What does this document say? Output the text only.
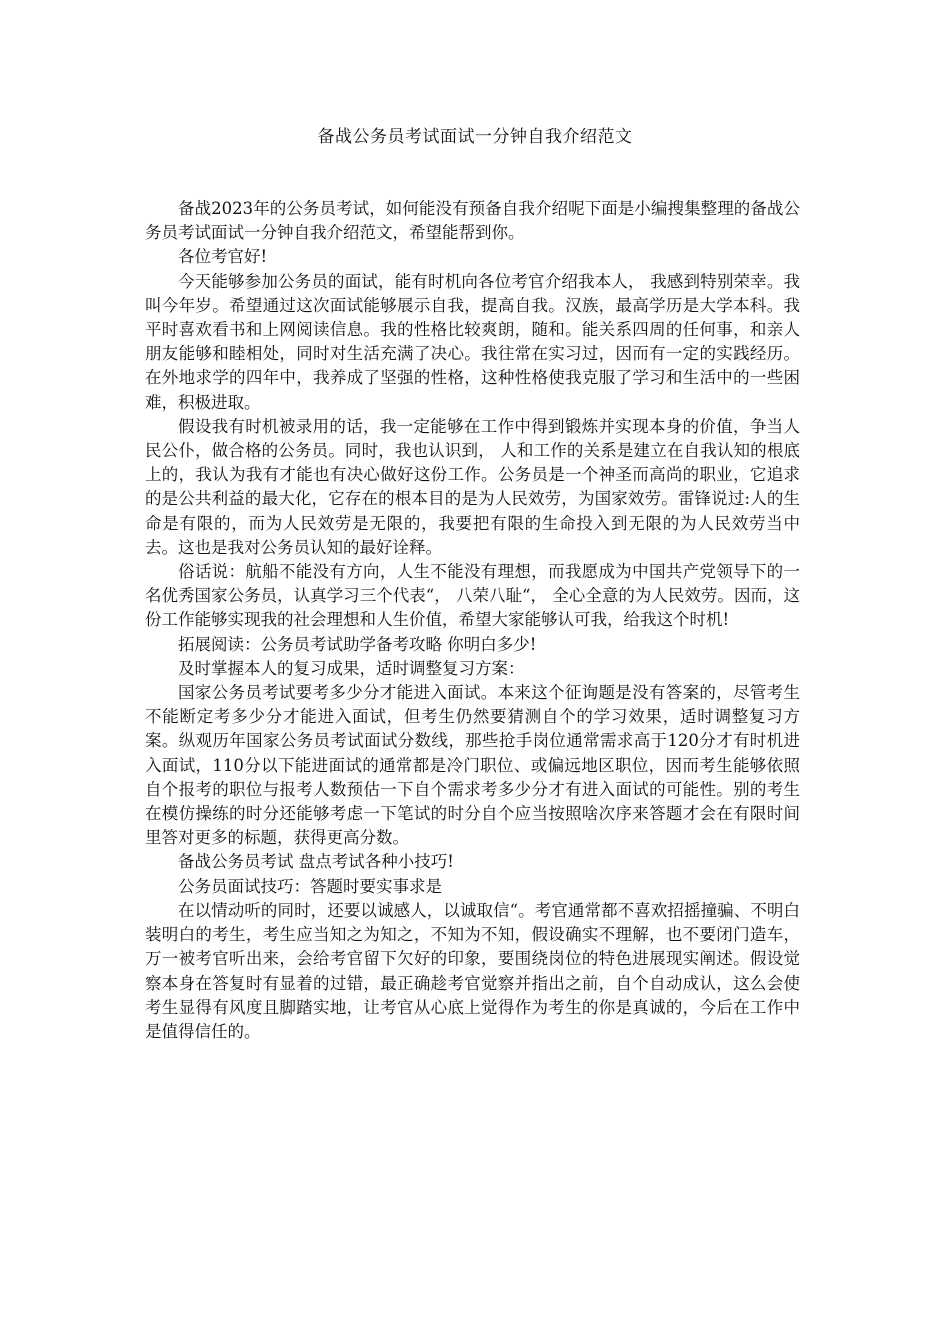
备战公务员考试面试一分钟自我介绍范文

备战2023年的公务员考试，如何能没有预备自我介绍呢下面是小编搜集整理的备战公务员考试面试一分钟自我介绍范文，希望能帮到你。

各位考官好!

今天能够参加公务员的面试，能有时机向各位考官介绍我本人， 我感到特别荣幸。我叫今年岁。希望通过这次面试能够展示自我，提高自我。汉族，最高学历是大学本科。我平时喜欢看书和上网阅读信息。我的性格比较爽朗，随和。能关系四周的任何事，和亲人朋友能够和睦相处，同时对生活充满了决心。我往常在实习过，因而有一定的实践经历。在外地求学的四年中，我养成了坚强的性格，这种性格使我克服了学习和生活中的一些困难，积极进取。

假设我有时机被录用的话，我一定能够在工作中得到锻炼并实现本身的价值，争当人民公仆，做合格的公务员。同时，我也认识到， 人和工作的关系是建立在自我认知的根底上的，我认为我有才能也有决心做好这份工作。公务员是一个神圣而高尚的职业，它追求的是公共利益的最大化，它存在的根本目的是为人民效劳，为国家效劳。雷锋说过:人的生命是有限的，而为人民效劳是无限的，我要把有限的生命投入到无限的为人民效劳当中去。这也是我对公务员认知的最好诠释。

俗话说：航船不能没有方向，人生不能没有理想，而我愿成为中国共产党领导下的一名优秀国家公务员，认真学习三个代表“， 八荣八耻“， 全心全意的为人民效劳。因而，这份工作能够实现我的社会理想和人生价值，希望大家能够认可我，给我这个时机!

拓展阅读：公务员考试助学备考攻略 你明白多少!

及时掌握本人的复习成果，适时调整复习方案：

国家公务员考试要考多少分才能进入面试。本来这个征询题是没有答案的，尽管考生不能断定考多少分才能进入面试，但考生仍然要猜测自个的学习效果，适时调整复习方案。纵观历年国家公务员考试面试分数线，那些抢手岗位通常需求高于120分才有时机进入面试，110分以下能进面试的通常都是冷门职位、或偏远地区职位，因而考生能够依照自个报考的职位与报考人数预估一下自个需求考多少分才有进入面试的可能性。别的考生在模仿操练的时分还能够考虑一下笔试的时分自个应当按照啥次序来答题才会在有限时间里答对更多的标题，获得更高分数。

备战公务员考试 盘点考试各种小技巧!

公务员面试技巧：答题时要实事求是

在以情动听的同时，还要以诚感人，以诚取信“。考官通常都不喜欢招摇撞骗、不明白装明白的考生，考生应当知之为知之，不知为不知，假设确实不理解，也不要闭门造车，万一被考官听出来，会给考官留下欠好的印象，要围绕岗位的特色进展现实阐述。假设觉察本身在答复时有显着的过错，最正确趁考官觉察并指出之前，自个自动成认，这么会使考生显得有风度且脚踏实地，让考官从心底上觉得作为考生的你是真诚的，今后在工作中是值得信任的。
